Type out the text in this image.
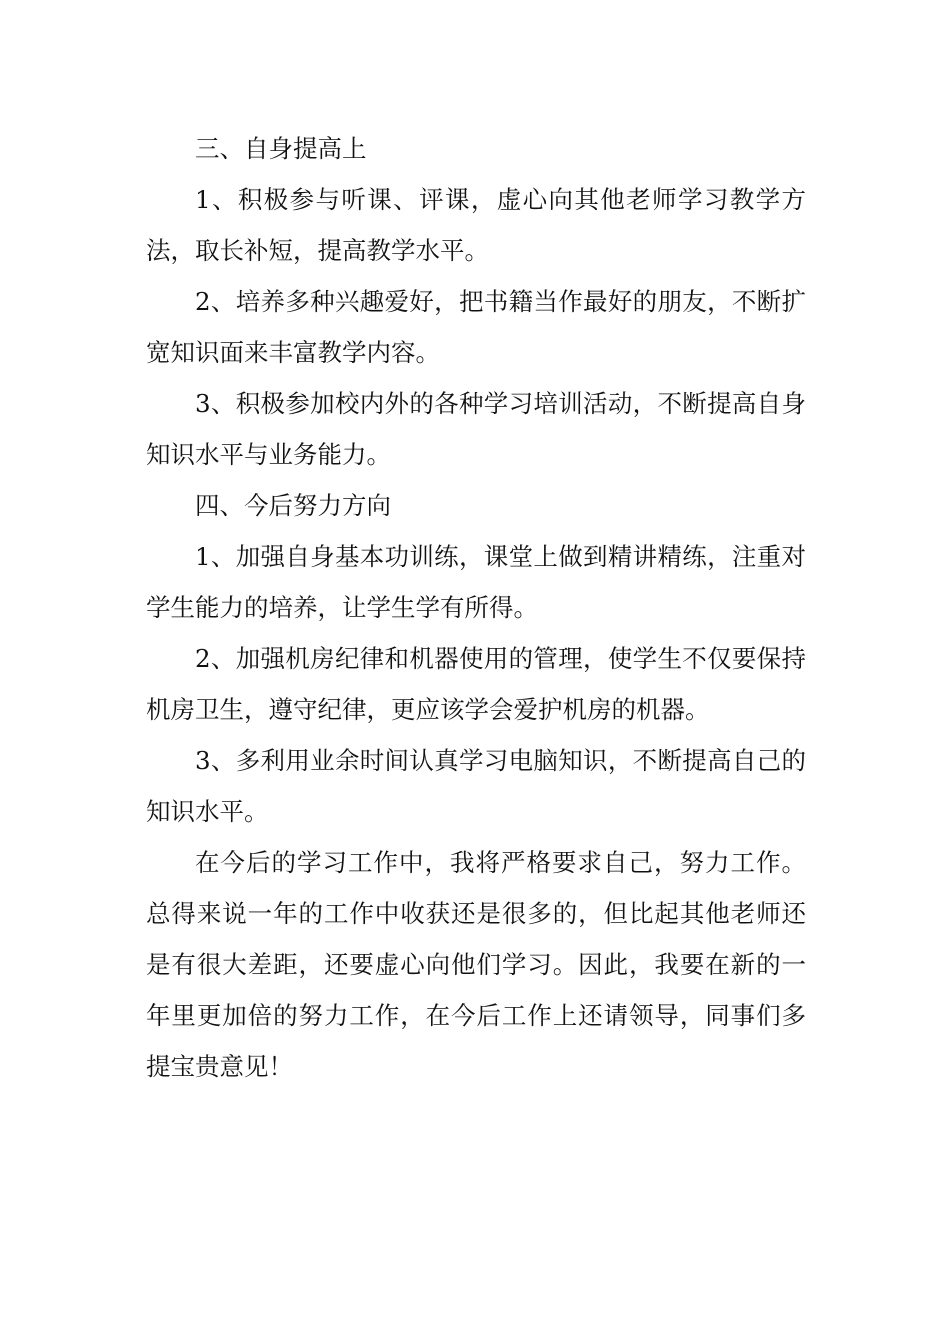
三、自身提高上

1、积极参与听课、评课，虚心向其他老师学习教学方法，取长补短，提高教学水平。

2、培养多种兴趣爱好，把书籍当作最好的朋友，不断扩宽知识面来丰富教学内容。

3、积极参加校内外的各种学习培训活动，不断提高自身知识水平与业务能力。

四、今后努力方向

1、加强自身基本功训练，课堂上做到精讲精练，注重对学生能力的培养，让学生学有所得。

2、加强机房纪律和机器使用的管理，使学生不仅要保持机房卫生，遵守纪律，更应该学会爱护机房的机器。

3、多利用业余时间认真学习电脑知识，不断提高自己的知识水平。

在今后的学习工作中，我将严格要求自己，努力工作。总得来说一年的工作中收获还是很多的，但比起其他老师还是有很大差距，还要虚心向他们学习。因此，我要在新的一年里更加倍的努力工作，在今后工作上还请领导，同事们多提宝贵意见！
